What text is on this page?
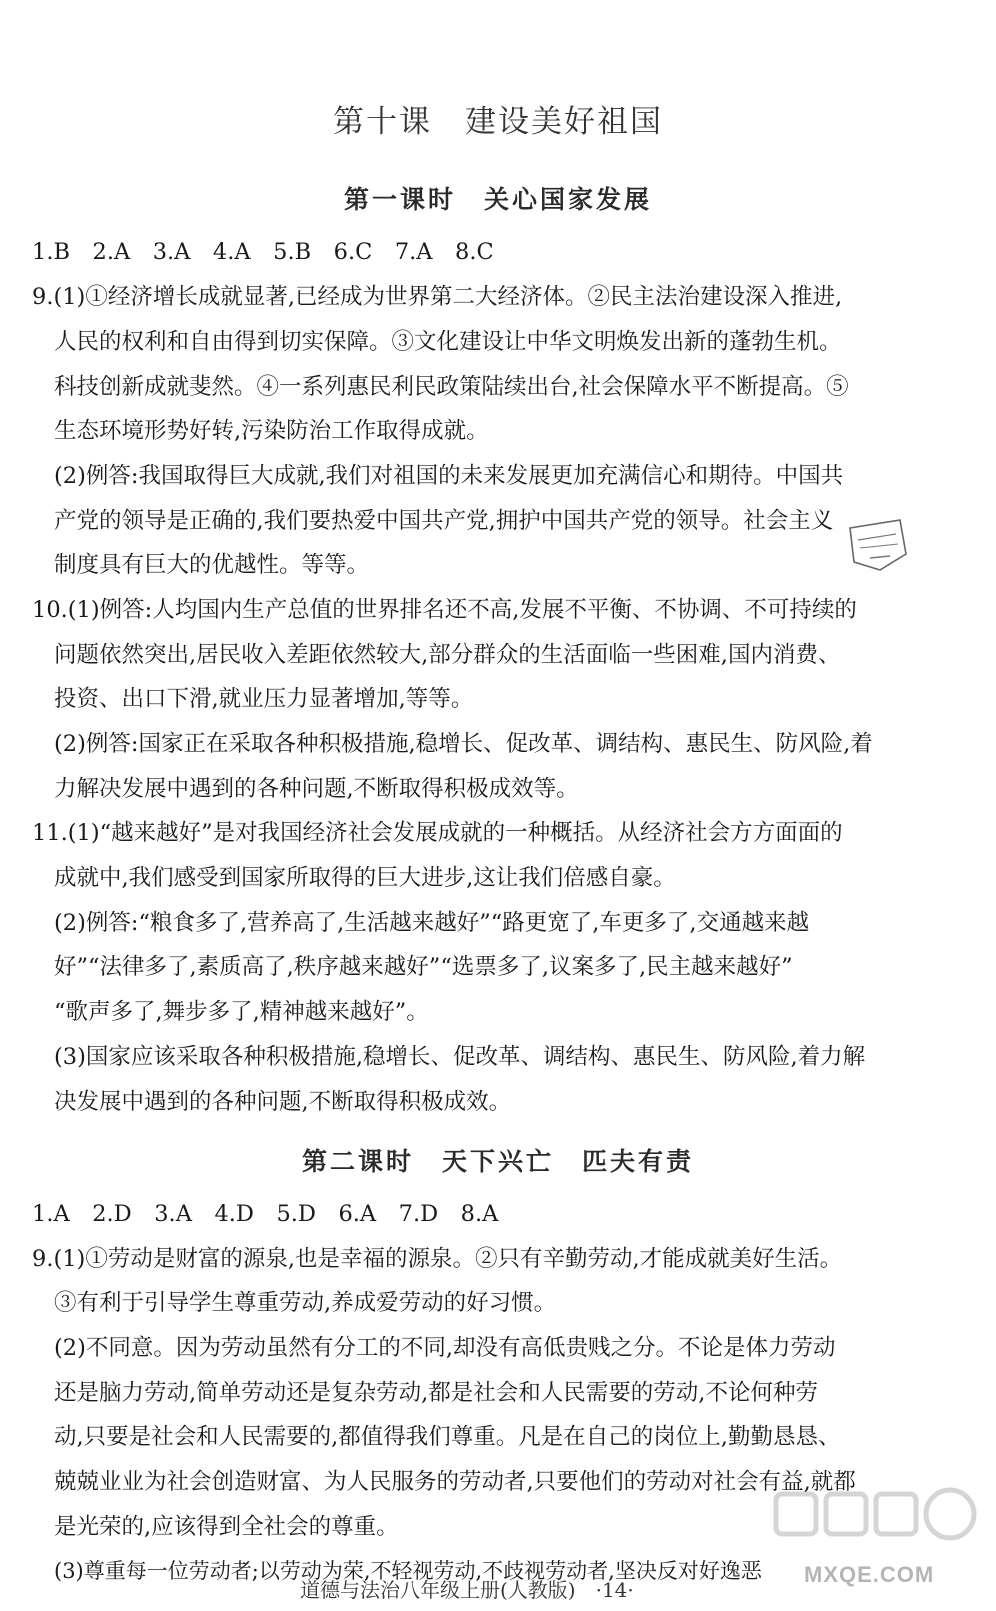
第十课　建设美好祖国
第一课时　关心国家发展
1.B　2.A　3.A　4.A　5.B　6.C　7.A　8.C
9.(1)①经济增长成就显著,已经成为世界第二大经济体。②民主法治建设深入推进,
人民的权利和自由得到切实保障。③文化建设让中华文明焕发出新的蓬勃生机。
科技创新成就斐然。④一系列惠民利民政策陆续出台,社会保障水平不断提高。⑤
生态环境形势好转,污染防治工作取得成就。
(2)例答:我国取得巨大成就,我们对祖国的未来发展更加充满信心和期待。中国共
产党的领导是正确的,我们要热爱中国共产党,拥护中国共产党的领导。社会主义
制度具有巨大的优越性。等等。
10.(1)例答:人均国内生产总值的世界排名还不高,发展不平衡、不协调、不可持续的
问题依然突出,居民收入差距依然较大,部分群众的生活面临一些困难,国内消费、
投资、出口下滑,就业压力显著增加,等等。
(2)例答:国家正在采取各种积极措施,稳增长、促改革、调结构、惠民生、防风险,着
力解决发展中遇到的各种问题,不断取得积极成效等。
11.(1)“越来越好”是对我国经济社会发展成就的一种概括。从经济社会方方面面的
成就中,我们感受到国家所取得的巨大进步,这让我们倍感自豪。
(2)例答:“粮食多了,营养高了,生活越来越好”“路更宽了,车更多了,交通越来越
好”“法律多了,素质高了,秩序越来越好”“选票多了,议案多了,民主越来越好”
“歌声多了,舞步多了,精神越来越好”。
(3)国家应该采取各种积极措施,稳增长、促改革、调结构、惠民生、防风险,着力解
决发展中遇到的各种问题,不断取得积极成效。
第二课时　天下兴亡　匹夫有责
1.A　2.D　3.A　4.D　5.D　6.A　7.D　8.A
9.(1)①劳动是财富的源泉,也是幸福的源泉。②只有辛勤劳动,才能成就美好生活。
③有利于引导学生尊重劳动,养成爱劳动的好习惯。
(2)不同意。因为劳动虽然有分工的不同,却没有高低贵贱之分。不论是体力劳动
还是脑力劳动,简单劳动还是复杂劳动,都是社会和人民需要的劳动,不论何种劳
动,只要是社会和人民需要的,都值得我们尊重。凡是在自己的岗位上,勤勤恳恳、
兢兢业业为社会创造财富、为人民服务的劳动者,只要他们的劳动对社会有益,就都
是光荣的,应该得到全社会的尊重。
(3)尊重每一位劳动者;以劳动为荣,不轻视劳动,不歧视劳动者,坚决反对好逸恶 MXQE.COM
道德与法治八年级上册(人教版)　·14·
